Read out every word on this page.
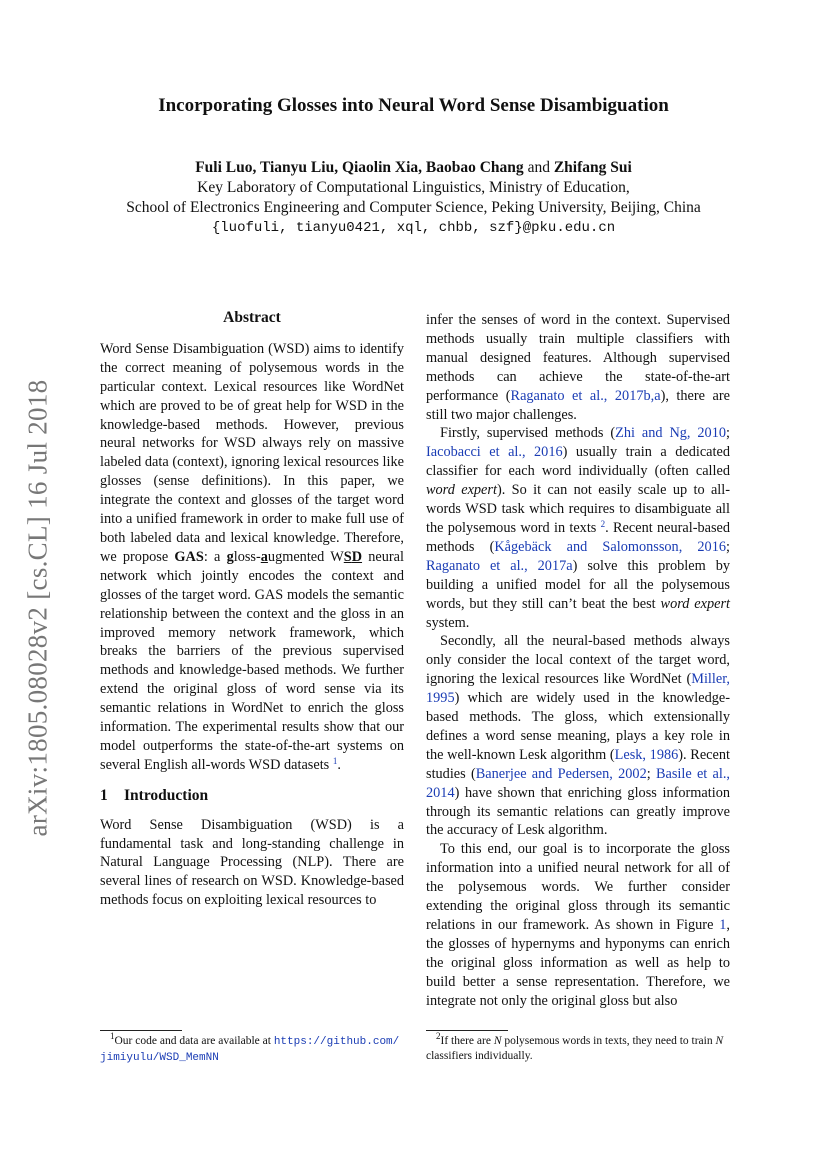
arXiv:1805.08028v2 [cs.CL] 16 Jul 2018
Incorporating Glosses into Neural Word Sense Disambiguation
Fuli Luo, Tianyu Liu, Qiaolin Xia, Baobao Chang and Zhifang Sui
Key Laboratory of Computational Linguistics, Ministry of Education,
School of Electronics Engineering and Computer Science, Peking University, Beijing, China
{luofuli, tianyu0421, xql, chbb, szf}@pku.edu.cn
Abstract

Word Sense Disambiguation (WSD) aims to identify the correct meaning of polysemous words in the particular context. Lexical resources like WordNet which are proved to be of great help for WSD in the knowledge-based methods. However, previous neural networks for WSD always rely on massive labeled data (context), ignoring lexical resources like glosses (sense definitions). In this paper, we integrate the context and glosses of the target word into a unified framework in order to make full use of both labeled data and lexical knowledge. Therefore, we propose GAS: a gloss-augmented WSD neural network which jointly encodes the context and glosses of the target word. GAS models the semantic relationship between the context and the gloss in an improved memory network framework, which breaks the barriers of the previous supervised methods and knowledge-based methods. We further extend the original gloss of word sense via its semantic relations in WordNet to enrich the gloss information. The experimental results show that our model outperforms the state-of-the-art systems on several English all-words WSD datasets $^1$.

1 Introduction

Word Sense Disambiguation (WSD) is a fundamental task and long-standing challenge in Natural Language Processing (NLP). There are several lines of research on WSD. Knowledge-based methods focus on exploiting lexical resources to

infer the senses of word in the context. Supervised methods usually train multiple classifiers with manual designed features. Although supervised methods can achieve the state-of-the-art performance (Raganato et al., 2017b,a), there are still two major challenges.

Firstly, supervised methods (Zhi and Ng, 2010; Iacobacci et al., 2016) usually train a dedicated classifier for each word individually (often called word expert). So it can not easily scale up to all-words WSD task which requires to disambiguate all the polysemous word in texts $^2$. Recent neural-based methods (Kågebäck and Salomonsson, 2016; Raganato et al., 2017a) solve this problem by building a unified model for all the polysemous words, but they still can’t beat the best word expert system.

Secondly, all the neural-based methods always only consider the local context of the target word, ignoring the lexical resources like WordNet (Miller, 1995) which are widely used in the knowledge-based methods. The gloss, which extensionally defines a word sense meaning, plays a key role in the well-known Lesk algorithm (Lesk, 1986). Recent studies (Banerjee and Pedersen, 2002; Basile et al., 2014) have shown that enriching gloss information through its semantic relations can greatly improve the accuracy of Lesk algorithm.

To this end, our goal is to incorporate the gloss information into a unified neural network for all of the polysemous words. We further consider extending the original gloss through its semantic relations in our framework. As shown in Figure 1, the glosses of hypernyms and hyponyms can enrich the original gloss information as well as help to build better a sense representation. Therefore, we integrate not only the original gloss but also

$^1$Our code and data are available at https://github.com/jimiyulu/WSD_MemNN
$^2$If there are N polysemous words in texts, they need to train N classifiers individually.
